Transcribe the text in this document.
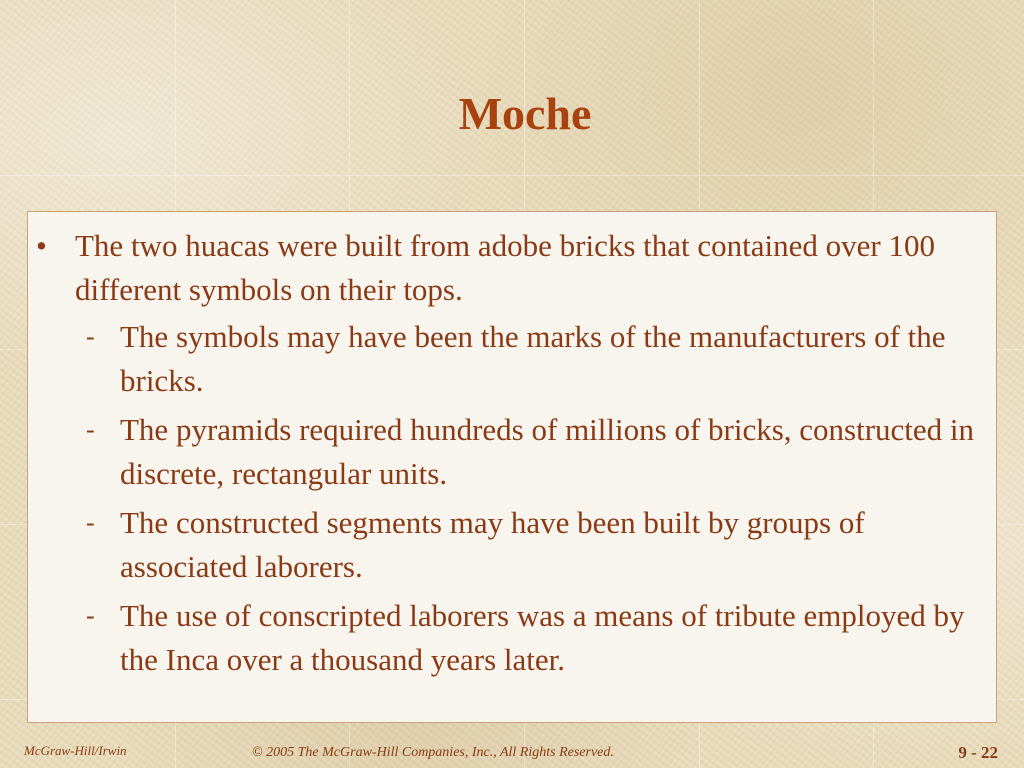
Moche
• The two huacas were built from adobe bricks that contained over 100 different symbols on their tops.
- The symbols may have been the marks of the manufacturers of the bricks.
- The pyramids required hundreds of millions of bricks, constructed in discrete, rectangular units.
- The constructed segments may have been built by groups of associated laborers.
- The use of conscripted laborers was a means of tribute employed by the Inca over a thousand years later.
McGraw-Hill/Irwin	© 2005 The McGraw-Hill Companies, Inc., All Rights Reserved.	9 - 22
